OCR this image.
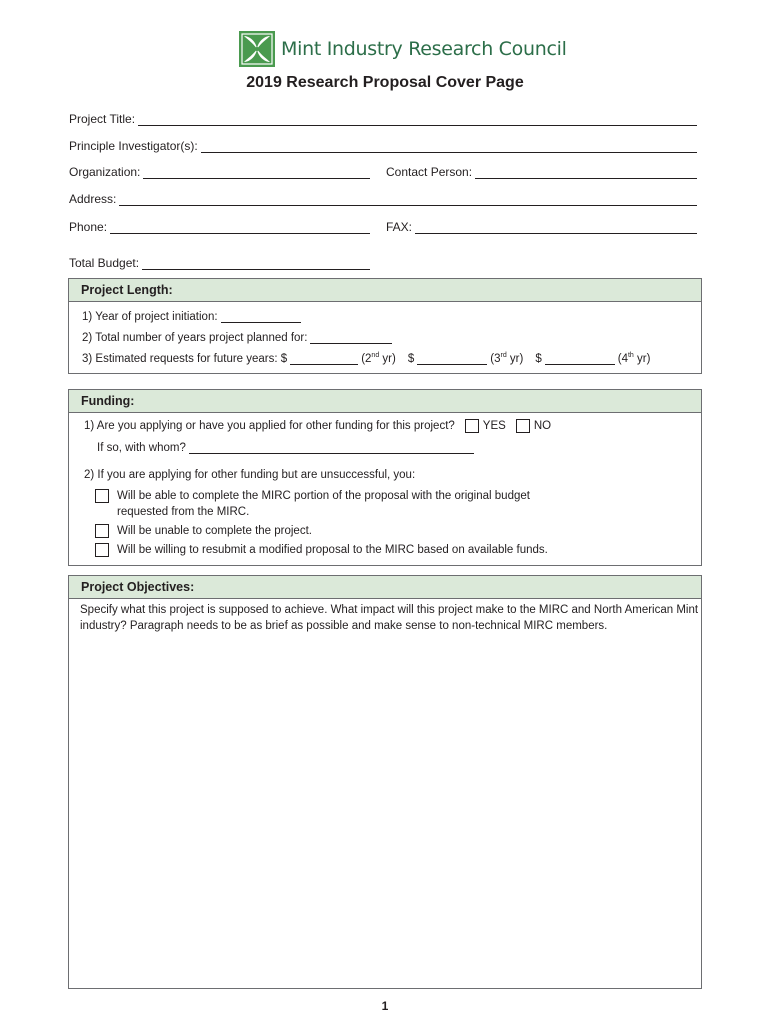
Mint Industry Research Council
2019 Research Proposal Cover Page
Project Title:
Principle Investigator(s):
Organization:	Contact Person:
Address:
Phone:	FAX:
Total Budget:
Project Length:
1) Year of project initiation:
2) Total number of years project planned for:
3) Estimated requests for future years: $	(2nd yr) $	(3rd yr) $	(4th yr)
Funding:
1) Are you applying or have you applied for other funding for this project? YES NO
If so, with whom?
2) If you are applying for other funding but are unsuccessful, you:
Will be able to complete the MIRC portion of the proposal with the original budget
requested from the MIRC.
Will be unable to complete the project.
Will be willing to resubmit a modified proposal to the MIRC based on available funds.
Project Objectives:
Specify what this project is supposed to achieve. What impact will this project make to the MIRC and North American Mint industry? Paragraph needs to be as brief as possible and make sense to non-technical MIRC members.
1
